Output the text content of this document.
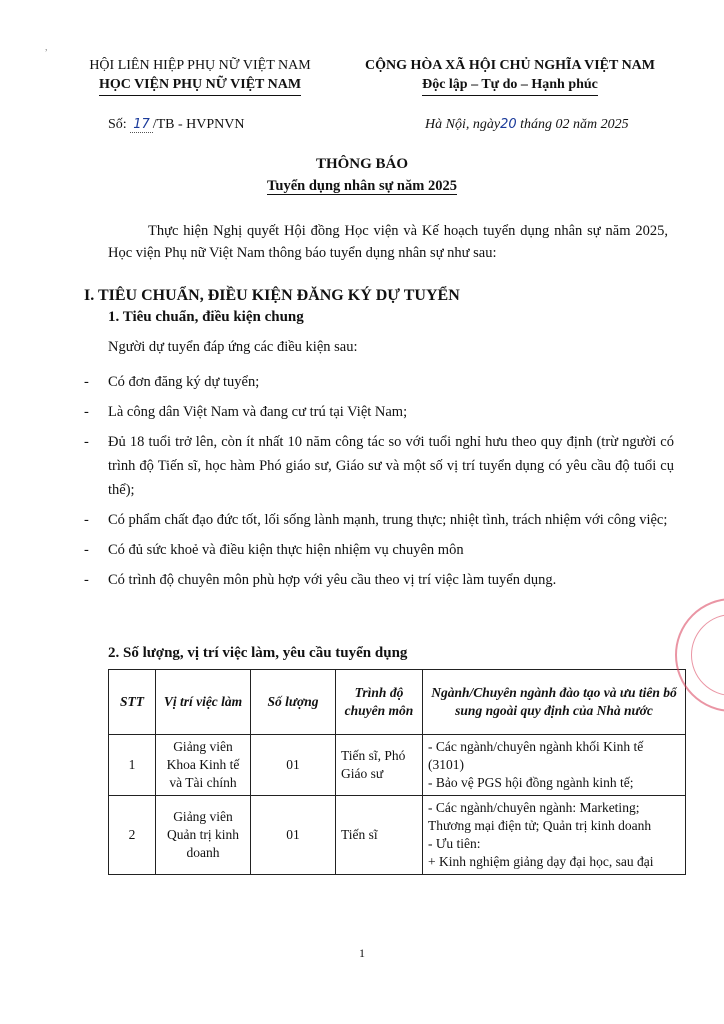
,
HỘI LIÊN HIỆP PHỤ NỮ VIỆT NAM
HỌC VIỆN PHỤ NỮ VIỆT NAM
CỘNG HÒA XÃ HỘI CHỦ NGHĨA VIỆT NAM
Độc lập – Tự do – Hạnh phúc
Số: 17 /TB - HVPNVN	Hà Nội, ngày20 tháng 02 năm 2025
THÔNG BÁO
Tuyển dụng nhân sự năm 2025
Thực hiện Nghị quyết Hội đồng Học viện và Kế hoạch tuyển dụng nhân sự năm 2025, Học viện Phụ nữ Việt Nam thông báo tuyển dụng nhân sự như sau:
I. TIÊU CHUẨN, ĐIỀU KIỆN ĐĂNG KÝ DỰ TUYỂN
1. Tiêu chuẩn, điều kiện chung
Người dự tuyển đáp ứng các điều kiện sau:
- Có đơn đăng ký dự tuyển;
- Là công dân Việt Nam và đang cư trú tại Việt Nam;
- Đủ 18 tuổi trở lên, còn ít nhất 10 năm công tác so với tuổi nghỉ hưu theo quy định (trừ người có trình độ Tiến sĩ, học hàm Phó giáo sư, Giáo sư và một số vị trí tuyển dụng có yêu cầu độ tuổi cụ thể);
- Có phẩm chất đạo đức tốt, lối sống lành mạnh, trung thực; nhiệt tình, trách nhiệm với công việc;
- Có đủ sức khoẻ và điều kiện thực hiện nhiệm vụ chuyên môn
- Có trình độ chuyên môn phù hợp với yêu cầu theo vị trí việc làm tuyển dụng.
2. Số lượng, vị trí việc làm, yêu cầu tuyển dụng
STT	Vị trí việc làm	Số lượng	Trình độ chuyên môn	Ngành/Chuyên ngành đào tạo và ưu tiên bổ sung ngoài quy định của Nhà nước
1	Giảng viên Khoa Kinh tế và Tài chính	01	Tiến sĩ, Phó Giáo sư	- Các ngành/chuyên ngành khối Kinh tế (3101)
- Bảo vệ PGS hội đồng ngành kinh tế;

2	Giảng viên Quản trị kinh doanh	01	Tiến sĩ	- Các ngành/chuyên ngành: Marketing; Thương mại điện tử; Quản trị kinh doanh
- Ưu tiên:
+ Kinh nghiệm giảng dạy đại học, sau đại
1
